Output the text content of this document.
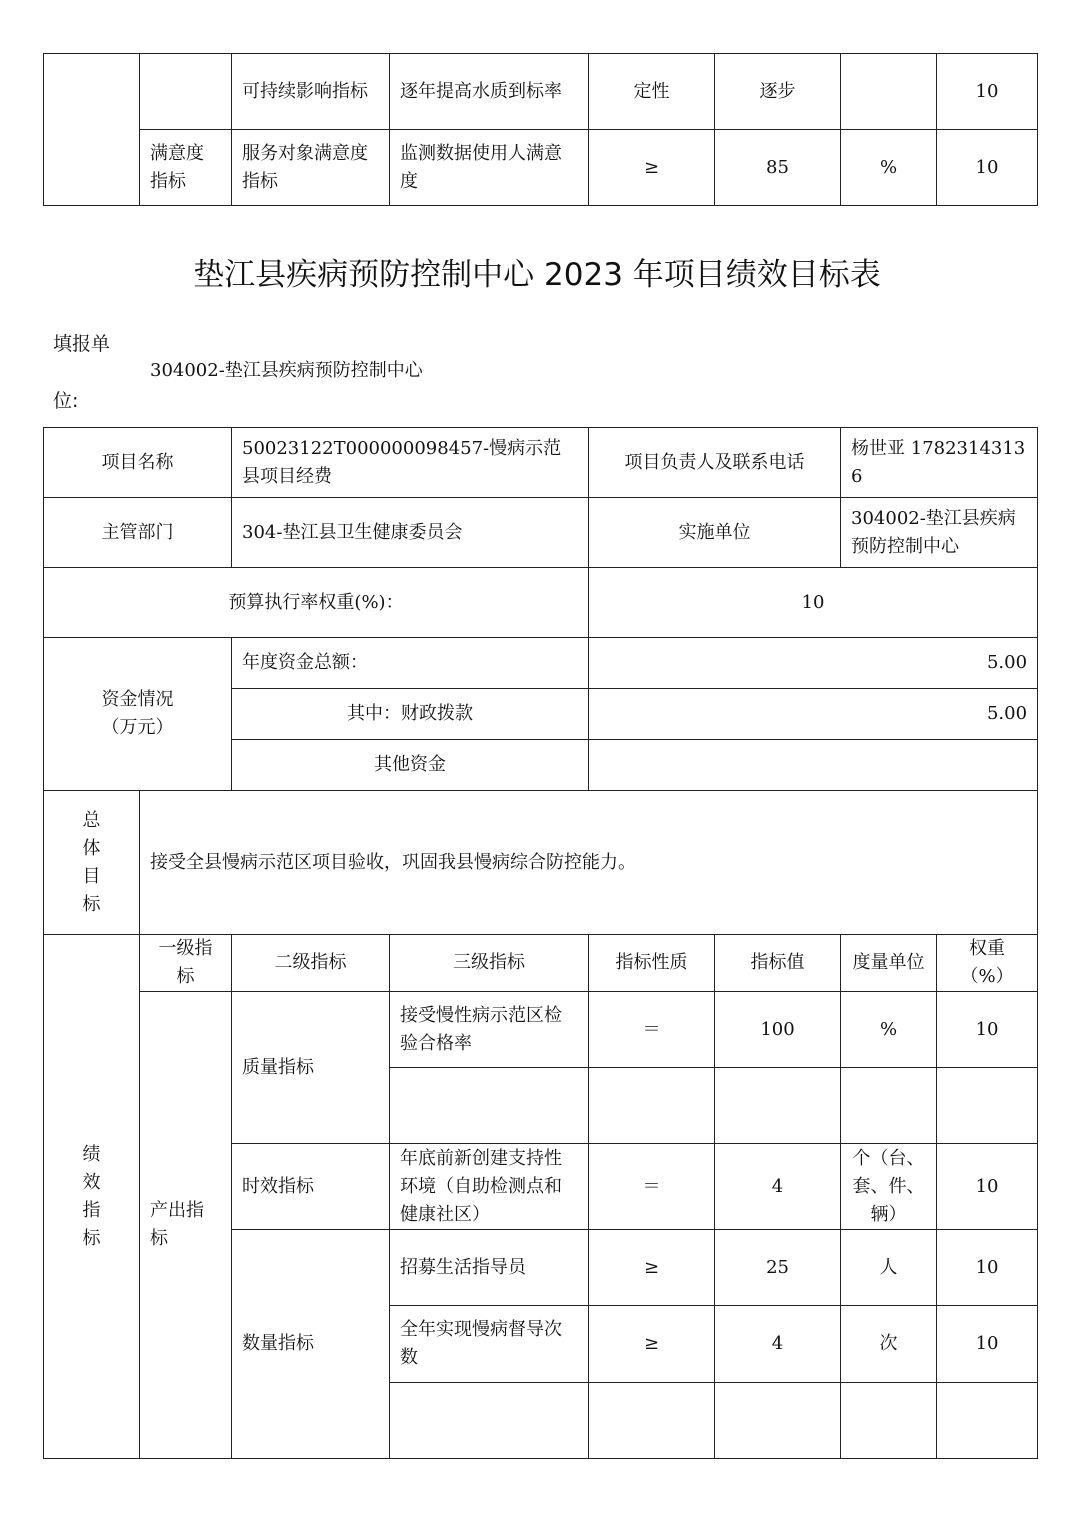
		可持续影响指标	逐年提高水质到标率	定性	逐步		10
	满意度指标	服务对象满意度指标	监测数据使用人满意度	≥	85	%	10
垫江县疾病预防控制中心 2023 年项目绩效目标表
填报单
位:
304002-垫江县疾病预防控制中心
项目名称		50023122T000000098457-慢病示范县项目经费		项目负责人及联系电话		杨世亚 17823143136	
主管部门		304-垫江县卫生健康委员会		实施单位		304002-垫江县疾病预防控制中心	
预算执行率权重(%)：				10			

资金情况（万元）		年度资金总额：		5.00			
		其中：财政拨款		5.00			
		其他资金					

总体目标	接受全县慢病示范区项目验收，巩固我县慢病综合防控能力。						

绩效指标	一级指标	二级指标	三级指标	指标性质	指标值	度量单位	权重（%）
	产出指标	质量指标	接受慢性病示范区检验合格率	＝	100	%	10

		时效指标	年底前新创建支持性环境（自助检测点和健康社区）	＝	4	个（台、套、件、辆）	10
		数量指标	招募生活指导员	≥	25	人	10
			全年实现慢病督导次数	≥	4	次	10
